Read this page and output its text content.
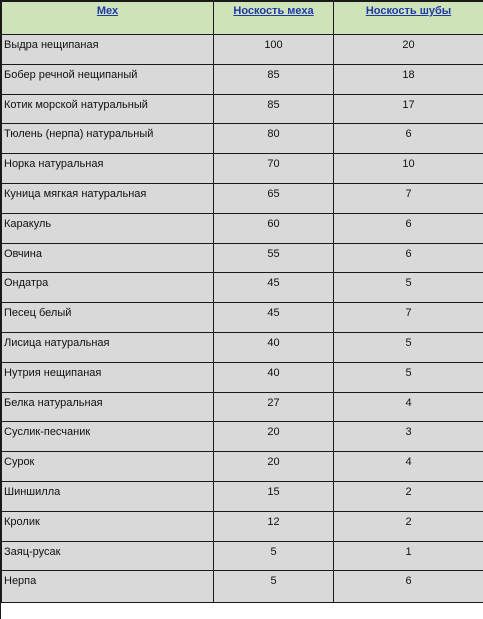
Мех	Носкость меха	Носкость шубы
Выдра нещипаная	100	20
Бобер речной нещипаный	85	18
Котик морской натуральный	85	17
Тюлень (нерпа) натуральный	80	6
Норка натуральная	70	10
Куница мягкая натуральная	65	7
Каракуль	60	6
Овчина	55	6
Ондатра	45	5
Песец белый	45	7
Лисица натуральная	40	5
Нутрия нещипаная	40	5
Белка натуральная	27	4
Суслик-песчаник	20	3
Сурок	20	4
Шиншилла	15	2
Кролик	12	2
Заяц-русак	5	1
Нерпа	5	6
